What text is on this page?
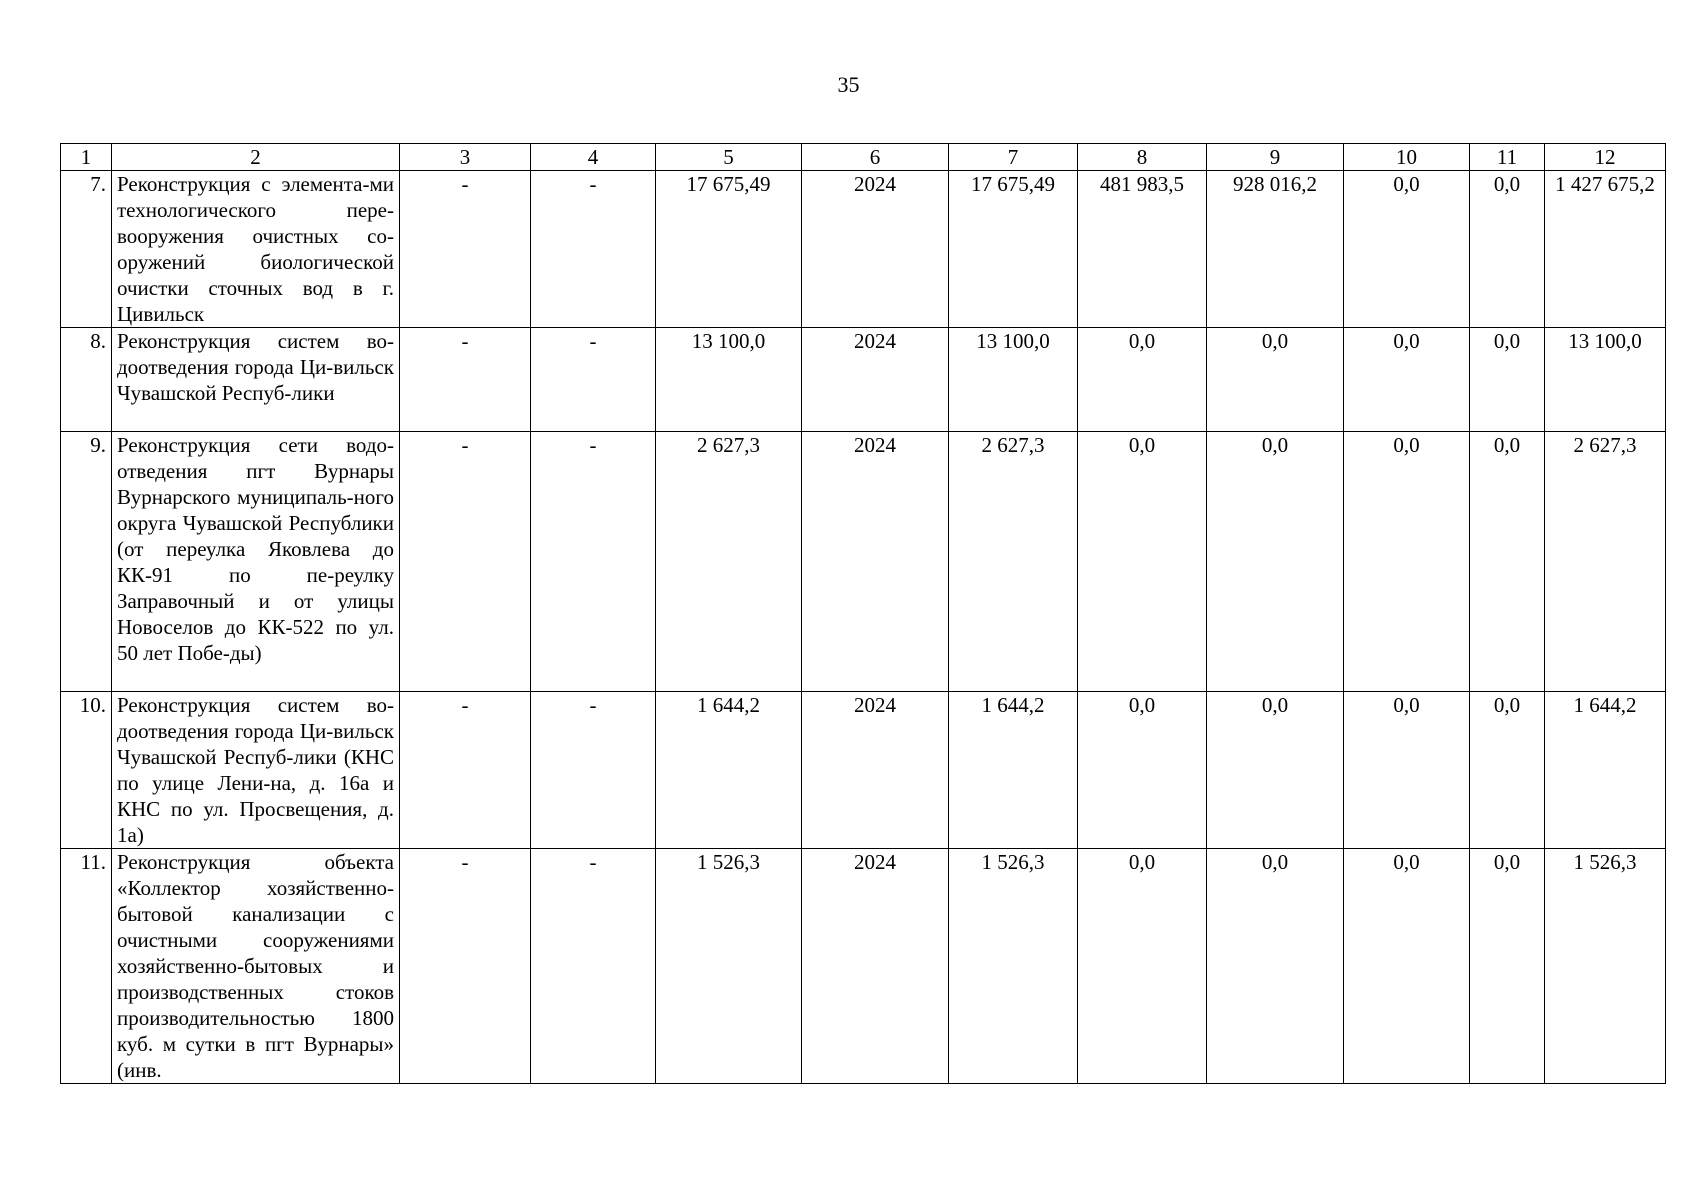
35
1	2	3	4	5	6	7	8	9	10	11	12
7.	Реконструкция с элемента-ми технологического пере-вооружения очистных со-оружений биологической очистки сточных вод в г. Цивильск	-	-	17 675,49	2024	17 675,49	481 983,5	928 016,2	0,0	0,0	1 427 675,2
8.	Реконструкция систем во-доотведения города Ци-вильск Чувашской Респуб-лики	-	-	13 100,0	2024	13 100,0	0,0	0,0	0,0	0,0	13 100,0
9.	Реконструкция сети водо-отведения пгт Вурнары Вурнарского муниципаль-ного округа Чувашской Республики (от переулка Яковлева до КК-91 по пе-реулку Заправочный и от улицы Новоселов до КК-522 по ул. 50 лет Побе-ды)	-	-	2 627,3	2024	2 627,3	0,0	0,0	0,0	0,0	2 627,3
10.	Реконструкция систем во-доотведения города Ци-вильск Чувашской Респуб-лики (КНС по улице Лени-на, д. 16а и КНС по ул. Просвещения, д. 1а)	-	-	1 644,2	2024	1 644,2	0,0	0,0	0,0	0,0	1 644,2
11.	Реконструкция объекта «Коллектор хозяйственно-бытовой канализации с очистными сооружениями хозяйственно-бытовых и производственных стоков производительностью 1800 куб. м сутки в пгт Вурнары» (инв.	-	-	1 526,3	2024	1 526,3	0,0	0,0	0,0	0,0	1 526,3
